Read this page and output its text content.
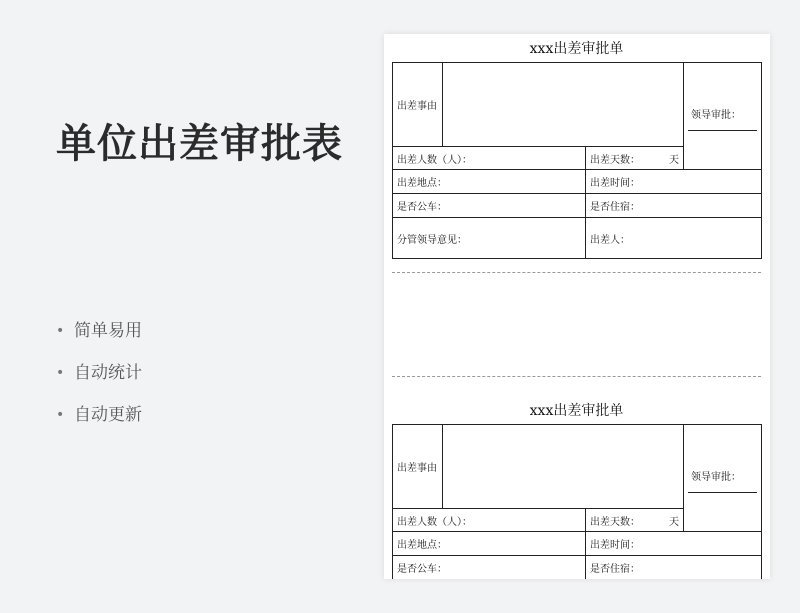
单位出差审批表
• 简单易用
• 自动统计
• 自动更新
xxx出差审批单
出差事由			领导审批：

出差人数（人）：		出差天数： 天	

出差地点：		出差时间：	
是否公车：		是否住宿：	
分管领导意见：		出差人：	
xxx出差审批单
出差事由			领导审批：

出差人数（人）：		出差天数： 天	

出差地点：		出差时间：	
是否公车：		是否住宿：	
